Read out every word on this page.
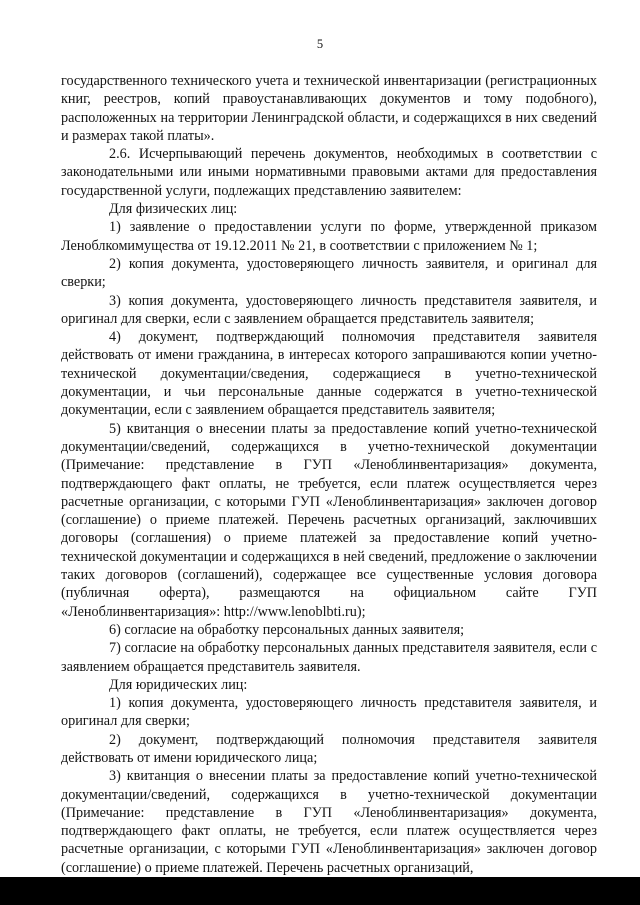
5

государственного технического учета и технической инвентаризации (регистрационных книг, реестров, копий правоустанавливающих документов и тому подобного), расположенных на территории Ленинградской области, и содержащихся в них сведений и размерах такой платы».

2.6. Исчерпывающий перечень документов, необходимых в соответствии с законодательными или иными нормативными правовыми актами для предоставления государственной услуги, подлежащих представлению заявителем:

Для физических лиц:

1) заявление о предоставлении услуги по форме, утвержденной приказом Леноблкомимущества от 19.12.2011 № 21, в соответствии с приложением № 1;

2) копия документа, удостоверяющего личность заявителя, и оригинал для сверки;

3) копия документа, удостоверяющего личность представителя заявителя, и оригинал для сверки, если с заявлением обращается представитель заявителя;

4) документ, подтверждающий полномочия представителя заявителя действовать от имени гражданина, в интересах которого запрашиваются копии учетно-технической документации/сведения, содержащиеся в учетно-технической документации, и чьи персональные данные содержатся в учетно-технической документации, если с заявлением обращается представитель заявителя;

5) квитанция о внесении платы за предоставление копий учетно-технической документации/сведений, содержащихся в учетно-технической документации (Примечание: представление в ГУП «Леноблинвентаризация» документа, подтверждающего факт оплаты, не требуется, если платеж осуществляется через расчетные организации, с которыми ГУП «Леноблинвентаризация» заключен договор (соглашение) о приеме платежей. Перечень расчетных организаций, заключивших договоры (соглашения) о приеме платежей за предоставление копий учетно-технической документации и содержащихся в ней сведений, предложение о заключении таких договоров (соглашений), содержащее все существенные условия договора (публичная оферта), размещаются на официальном сайте ГУП «Леноблинвентаризация»: http://www.lenoblbti.ru);

6) согласие на обработку персональных данных заявителя;

7) согласие на обработку персональных данных представителя заявителя, если с заявлением обращается представитель заявителя.

Для юридических лиц:

1) копия документа, удостоверяющего личность представителя заявителя, и оригинал для сверки;

2) документ, подтверждающий полномочия представителя заявителя действовать от имени юридического лица;

3) квитанция о внесении платы за предоставление копий учетно-технической документации/сведений, содержащихся в учетно-технической документации (Примечание: представление в ГУП «Леноблинвентаризация» документа, подтверждающего факт оплаты, не требуется, если платеж осуществляется через расчетные организации, с которыми ГУП «Леноблинвентаризация» заключен договор (соглашение) о приеме платежей. Перечень расчетных организаций,
